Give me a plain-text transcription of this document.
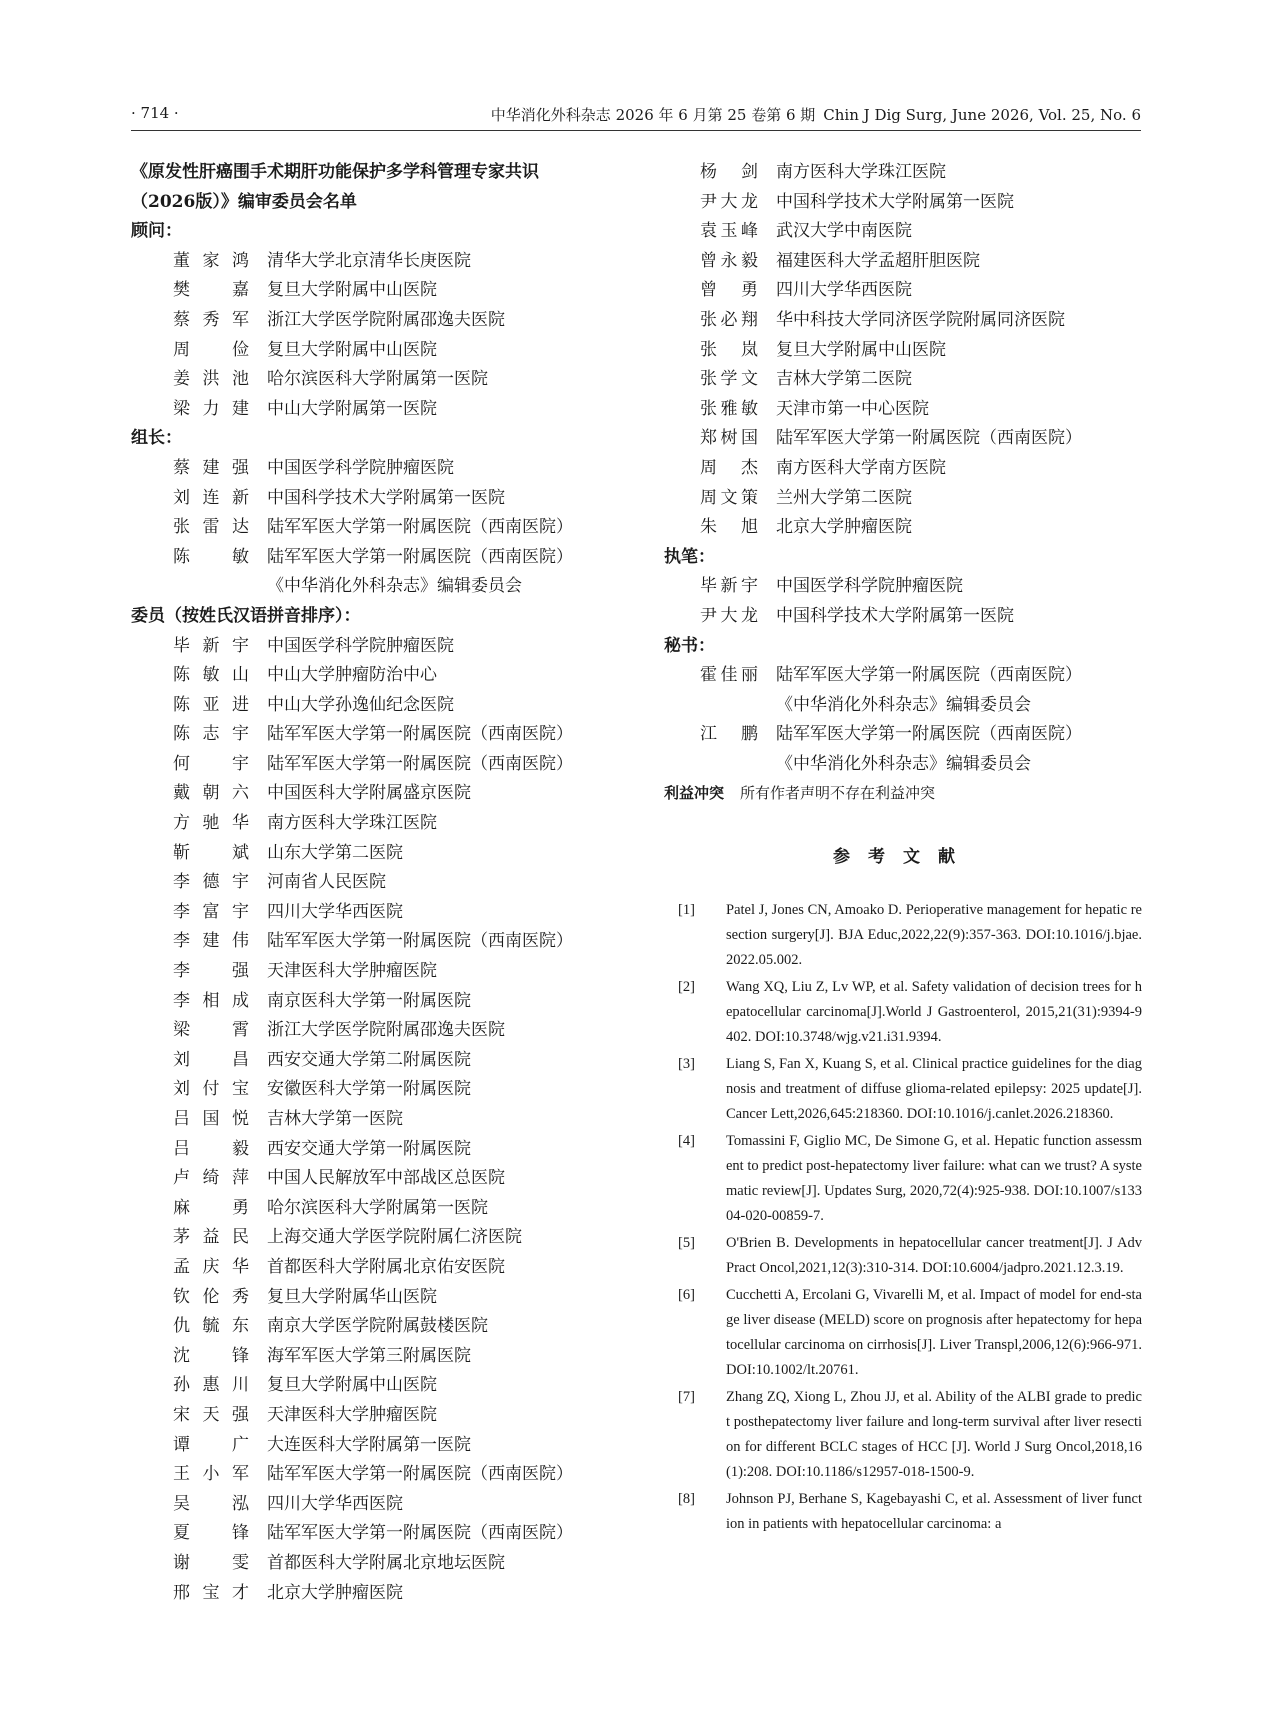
· 714 ·	中华消化外科杂志 2026 年 6 月第 25 卷第 6 期 Chin J Dig Surg, June 2026, Vol. 25, No. 6
《原发性肝癌围手术期肝功能保护多学科管理专家共识
（2026版）》编审委员会名单
顾问：
董家鸿 清华大学北京清华长庚医院
樊嘉 复旦大学附属中山医院
蔡秀军 浙江大学医学院附属邵逸夫医院
周俭 复旦大学附属中山医院
姜洪池 哈尔滨医科大学附属第一医院
梁力建 中山大学附属第一医院
组长：
蔡建强 中国医学科学院肿瘤医院
刘连新 中国科学技术大学附属第一医院
张雷达 陆军军医大学第一附属医院（西南医院）
陈敏 陆军军医大学第一附属医院（西南医院）
《中华消化外科杂志》编辑委员会
委员（按姓氏汉语拼音排序）：
毕新宇 中国医学科学院肿瘤医院
陈敏山 中山大学肿瘤防治中心
陈亚进 中山大学孙逸仙纪念医院
陈志宇 陆军军医大学第一附属医院（西南医院）
何宇 陆军军医大学第一附属医院（西南医院）
戴朝六 中国医科大学附属盛京医院
方驰华 南方医科大学珠江医院
靳斌 山东大学第二医院
李德宇 河南省人民医院
李富宇 四川大学华西医院
李建伟 陆军军医大学第一附属医院（西南医院）
李强 天津医科大学肿瘤医院
李相成 南京医科大学第一附属医院
梁霄 浙江大学医学院附属邵逸夫医院
刘昌 西安交通大学第二附属医院
刘付宝 安徽医科大学第一附属医院
吕国悦 吉林大学第一医院
吕毅 西安交通大学第一附属医院
卢绮萍 中国人民解放军中部战区总医院
麻勇 哈尔滨医科大学附属第一医院
茅益民 上海交通大学医学院附属仁济医院
孟庆华 首都医科大学附属北京佑安医院
钦伦秀 复旦大学附属华山医院
仇毓东 南京大学医学院附属鼓楼医院
沈锋 海军军医大学第三附属医院
孙惠川 复旦大学附属中山医院
宋天强 天津医科大学肿瘤医院
谭广 大连医科大学附属第一医院
王小军 陆军军医大学第一附属医院（西南医院）
吴泓 四川大学华西医院
夏锋 陆军军医大学第一附属医院（西南医院）
谢雯 首都医科大学附属北京地坛医院
邢宝才 北京大学肿瘤医院
杨剑 南方医科大学珠江医院
尹大龙 中国科学技术大学附属第一医院
袁玉峰 武汉大学中南医院
曾永毅 福建医科大学孟超肝胆医院
曾勇 四川大学华西医院
张必翔 华中科技大学同济医学院附属同济医院
张岚 复旦大学附属中山医院
张学文 吉林大学第二医院
张雅敏 天津市第一中心医院
郑树国 陆军军医大学第一附属医院（西南医院）
周杰 南方医科大学南方医院
周文策 兰州大学第二医院
朱旭 北京大学肿瘤医院
执笔：
毕新宇 中国医学科学院肿瘤医院
尹大龙 中国科学技术大学附属第一医院
秘书：
霍佳丽 陆军军医大学第一附属医院（西南医院）
《中华消化外科杂志》编辑委员会
江鹏 陆军军医大学第一附属医院（西南医院）
《中华消化外科杂志》编辑委员会
利益冲突 所有作者声明不存在利益冲突
参考文献
[1] Patel J, Jones CN, Amoako D. Perioperative management for hepatic resection surgery[J]. BJA Educ,2022,22(9):357-363. DOI:10.1016/j.bjae.2022.05.002.
[2] Wang XQ, Liu Z, Lv WP, et al. Safety validation of decision trees for hepatocellular carcinoma[J].World J Gastroenterol, 2015,21(31):9394-9402. DOI:10.3748/wjg.v21.i31.9394.
[3] Liang S, Fan X, Kuang S, et al. Clinical practice guidelines for the diagnosis and treatment of diffuse glioma-related epilepsy: 2025 update[J]. Cancer Lett,2026,645:218360. DOI:10.1016/j.canlet.2026.218360.
[4] Tomassini F, Giglio MC, De Simone G, et al. Hepatic function assessment to predict post-hepatectomy liver failure: what can we trust? A systematic review[J]. Updates Surg, 2020,72(4):925-938. DOI:10.1007/s13304-020-00859-7.
[5] O'Brien B. Developments in hepatocellular cancer treatment[J]. J Adv Pract Oncol,2021,12(3):310-314. DOI:10.6004/jadpro.2021.12.3.19.
[6] Cucchetti A, Ercolani G, Vivarelli M, et al. Impact of model for end-stage liver disease (MELD) score on prognosis after hepatectomy for hepatocellular carcinoma on cirrhosis[J]. Liver Transpl,2006,12(6):966-971. DOI:10.1002/lt.20761.
[7] Zhang ZQ, Xiong L, Zhou JJ, et al. Ability of the ALBI grade to predict posthepatectomy liver failure and long-term survival after liver resection for different BCLC stages of HCC [J]. World J Surg Oncol,2018,16(1):208. DOI:10.1186/s12957-018-1500-9.
[8] Johnson PJ, Berhane S, Kagebayashi C, et al. Assessment of liver function in patients with hepatocellular carcinoma: a
